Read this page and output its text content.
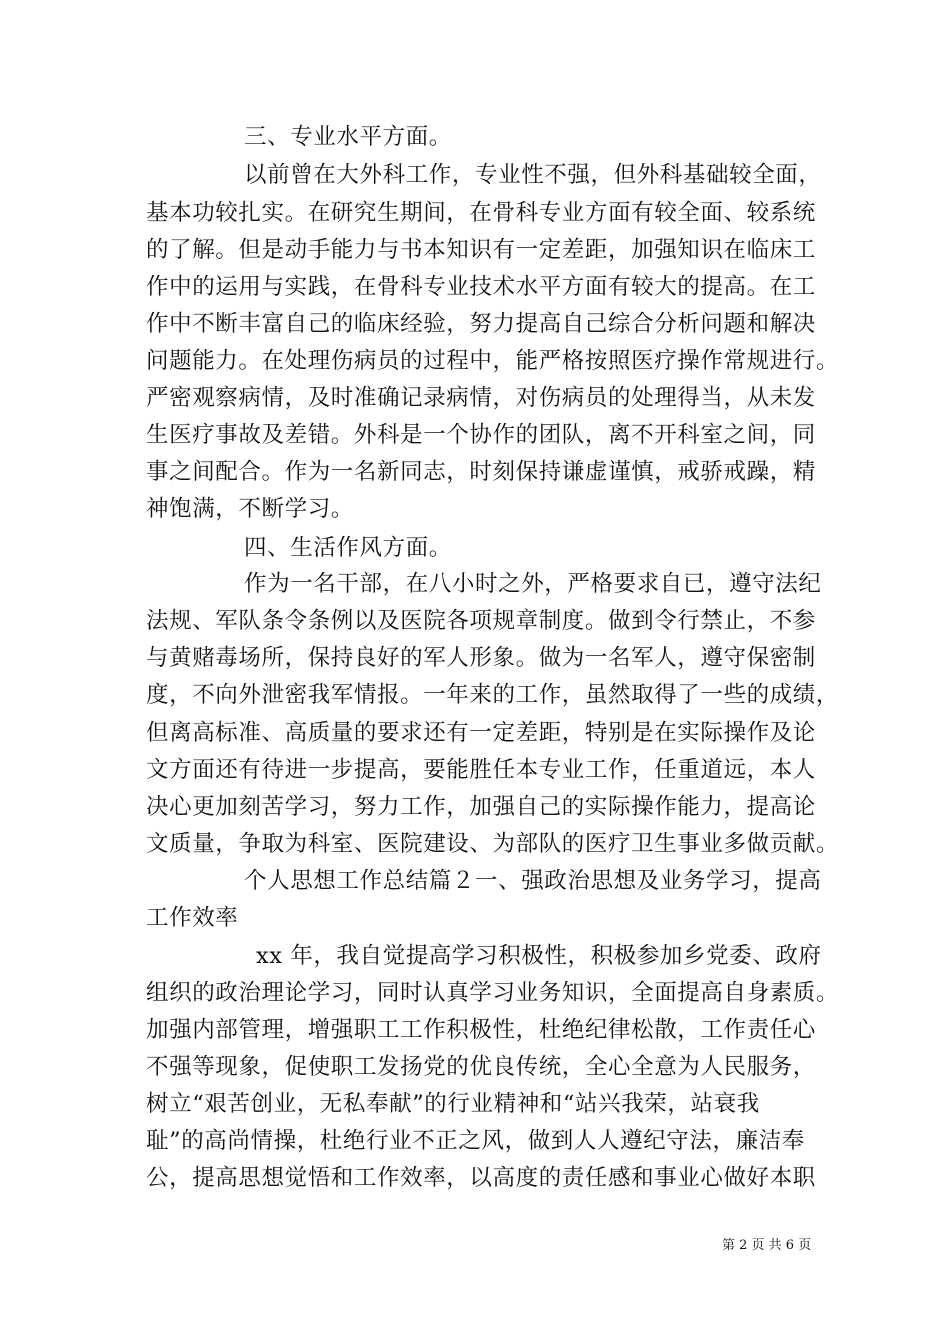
三、专业水平方面。
以前曾在大外科工作，专业性不强，但外科基础较全面，
基本功较扎实。在研究生期间，在骨科专业方面有较全面、较系统
的了解。但是动手能力与书本知识有一定差距，加强知识在临床工
作中的运用与实践，在骨科专业技术水平方面有较大的提高。在工
作中不断丰富自己的临床经验，努力提高自己综合分析问题和解决
问题能力。在处理伤病员的过程中，能严格按照医疗操作常规进行。
严密观察病情，及时准确记录病情，对伤病员的处理得当，从未发
生医疗事故及差错。外科是一个协作的团队，离不开科室之间，同
事之间配合。作为一名新同志，时刻保持谦虚谨慎，戒骄戒躁，精
神饱满，不断学习。
四、生活作风方面。
作为一名干部，在八小时之外，严格要求自已，遵守法纪
法规、军队条令条例以及医院各项规章制度。做到令行禁止，不参
与黄赌毒场所，保持良好的军人形象。做为一名军人，遵守保密制
度，不向外泄密我军情报。一年来的工作，虽然取得了一些的成绩，
但离高标准、高质量的要求还有一定差距，特别是在实际操作及论
文方面还有待进一步提高，要能胜任本专业工作，任重道远，本人
决心更加刻苦学习，努力工作，加强自己的实际操作能力，提高论
文质量，争取为科室、医院建设、为部队的医疗卫生事业多做贡献。
个人思想工作总结篇２一、强政治思想及业务学习，提高
工作效率
xx 年，我自觉提高学习积极性，积极参加乡党委、政府
组织的政治理论学习，同时认真学习业务知识，全面提高自身素质。
加强内部管理，增强职工工作积极性，杜绝纪律松散，工作责任心
不强等现象，促使职工发扬党的优良传统，全心全意为人民服务，
树立“艰苦创业，无私奉献”的行业精神和“站兴我荣，站衰我
耻”的高尚情操，杜绝行业不正之风，做到人人遵纪守法，廉洁奉
公，提高思想觉悟和工作效率，以高度的责任感和事业心做好本职
第 2 页 共 6 页
